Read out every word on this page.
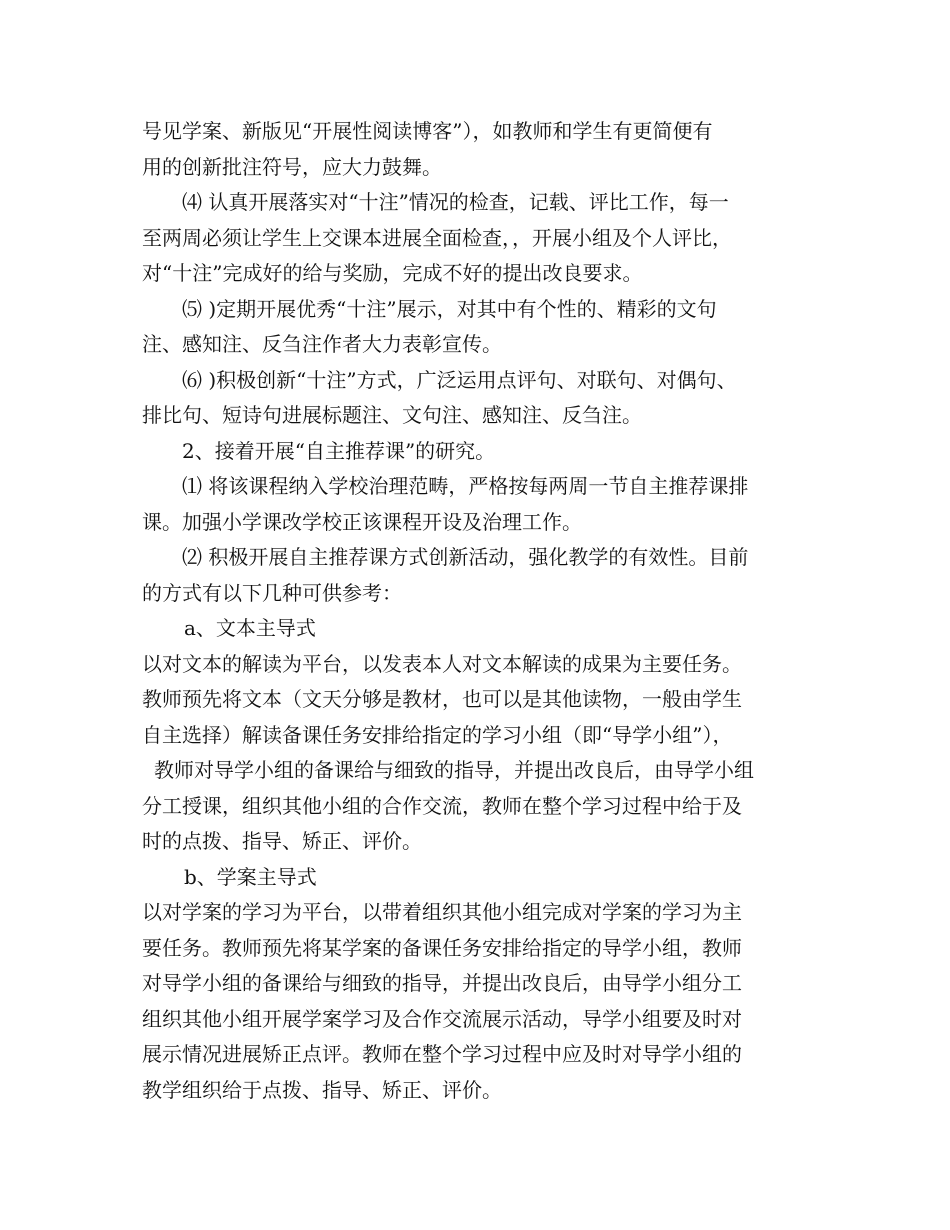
号见学案、新版见“开展性阅读博客”），如教师和学生有更简便有
用的创新批注符号，应大力鼓舞。
⑷ 认真开展落实对“十注”情况的检查，记载、评比工作，每一
至两周必须让学生上交课本进展全面检查，，开展小组及个人评比，
对“十注”完成好的给与奖励，完成不好的提出改良要求。
⑸ )定期开展优秀“十注”展示，对其中有个性的、精彩的文句
注、感知注、反刍注作者大力表彰宣传。
⑹ )积极创新“十注”方式，广泛运用点评句、对联句、对偶句、
排比句、短诗句进展标题注、文句注、感知注、反刍注。
2、接着开展“自主推荐课”的研究。
⑴ 将该课程纳入学校治理范畴，严格按每两周一节自主推荐课排
课。加强小学课改学校正该课程开设及治理工作。
⑵ 积极开展自主推荐课方式创新活动，强化教学的有效性。目前
的方式有以下几种可供参考：
a、文本主导式
以对文本的解读为平台，以发表本人对文本解读的成果为主要任务。
教师预先将文本（文天分够是教材，也可以是其他读物，一般由学生
自主选择）解读备课任务安排给指定的学习小组（即“导学小组”），
教师对导学小组的备课给与细致的指导，并提出改良后，由导学小组
分工授课，组织其他小组的合作交流，教师在整个学习过程中给于及
时的点拨、指导、矫正、评价。
b、学案主导式
以对学案的学习为平台，以带着组织其他小组完成对学案的学习为主
要任务。教师预先将某学案的备课任务安排给指定的导学小组，教师
对导学小组的备课给与细致的指导，并提出改良后，由导学小组分工
组织其他小组开展学案学习及合作交流展示活动，导学小组要及时对
展示情况进展矫正点评。教师在整个学习过程中应及时对导学小组的
教学组织给于点拨、指导、矫正、评价。
